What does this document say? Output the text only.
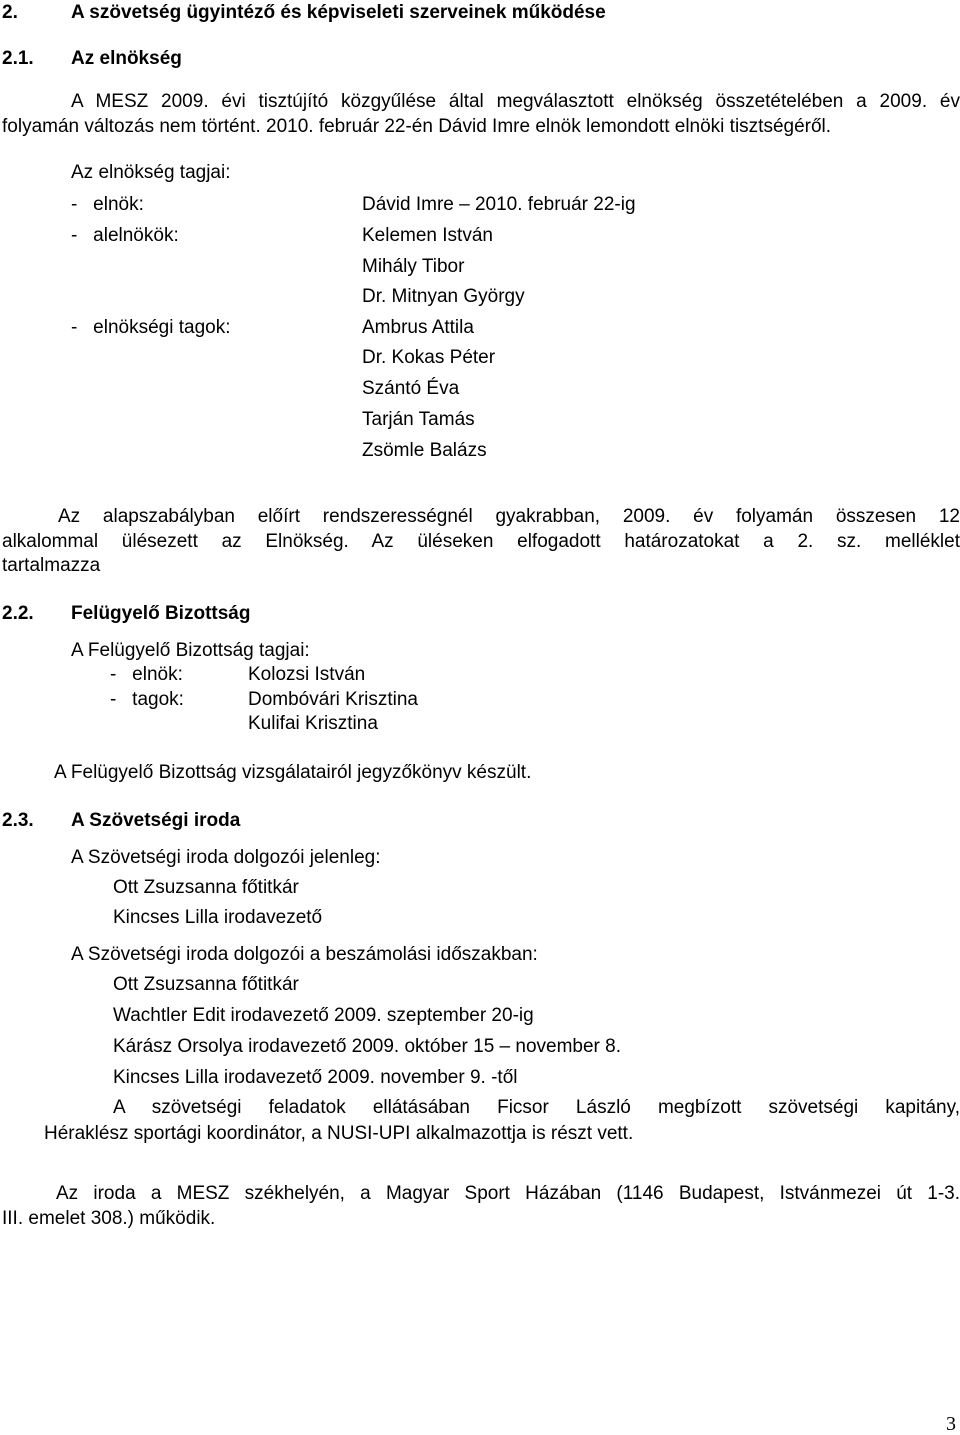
2.	A szövetség ügyintéző és képviseleti szerveinek működése
2.1. Az elnökség
A MESZ 2009. évi tisztújító közgyűlése által megválasztott elnökség összetételében a 2009. év
folyamán változás nem történt. 2010. február 22-én Dávid Imre elnök lemondott elnöki tisztségéről.
Az elnökség tagjai:
-   elnök:	Dávid Imre – 2010. február 22-ig
-   alelnökök:	Kelemen István
Mihály Tibor
Dr. Mitnyan György
-   elnökségi tagok:	Ambrus Attila
Dr. Kokas Péter
Szántó Éva
Tarján Tamás
Zsömle Balázs
Az alapszabályban előírt rendszerességnél gyakrabban, 2009. év folyamán összesen 12
alkalommal ülésezett az Elnökség. Az üléseken elfogadott határozatokat a 2. sz. melléklet
tartalmazza
2.2. Felügyelő Bizottság
A Felügyelő Bizottság tagjai:
-   elnök:	Kolozsi István
-   tagok:	Dombóvári Krisztina
Kulifai Krisztina
A Felügyelő Bizottság vizsgálatairól jegyzőkönyv készült.
2.3. A Szövetségi iroda
A Szövetségi iroda dolgozói jelenleg:
Ott Zsuzsanna főtitkár
Kincses Lilla irodavezető
A Szövetségi iroda dolgozói a beszámolási időszakban:
Ott Zsuzsanna főtitkár
Wachtler Edit irodavezető 2009. szeptember 20-ig
Kárász Orsolya irodavezető 2009. október 15 – november 8.
Kincses Lilla irodavezető 2009. november 9. -től
A szövetségi feladatok ellátásában Ficsor László megbízott szövetségi kapitány,
Héraklész sportági koordinátor, a NUSI-UPI alkalmazottja is részt vett.
Az iroda a MESZ székhelyén, a Magyar Sport Házában (1146 Budapest, Istvánmezei út 1-3.
III. emelet 308.) működik.
3
